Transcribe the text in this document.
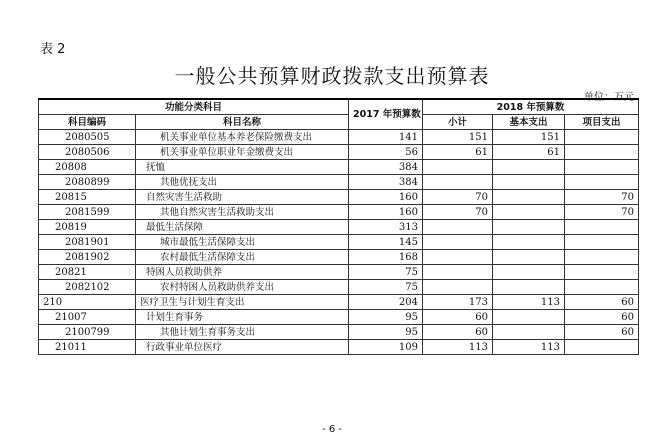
表 2
一般公共预算财政拨款支出预算表
单位：万元
功能分类科目		2017 年预算数	2018 年预算数		
科目编码	科目名称		小计	基本支出	项目支出
2080505	机关事业单位基本养老保险缴费支出	141	151	151	
2080506	机关事业单位职业年金缴费支出	56	61	61	
20808	抚恤	384			
2080899	其他优抚支出	384			
20815	自然灾害生活救助	160	70		70
2081599	其他自然灾害生活救助支出	160	70		70
20819	最低生活保障	313			
2081901	城市最低生活保障支出	145			
2081902	农村最低生活保障支出	168			
20821	特困人员救助供养	75			
2082102	农村特困人员救助供养支出	75			
210	医疗卫生与计划生育支出	204	173	113	60
21007	计划生育事务	95	60		60
2100799	其他计划生育事务支出	95	60		60
21011	行政事业单位医疗	109	113	113	
- 6 -
